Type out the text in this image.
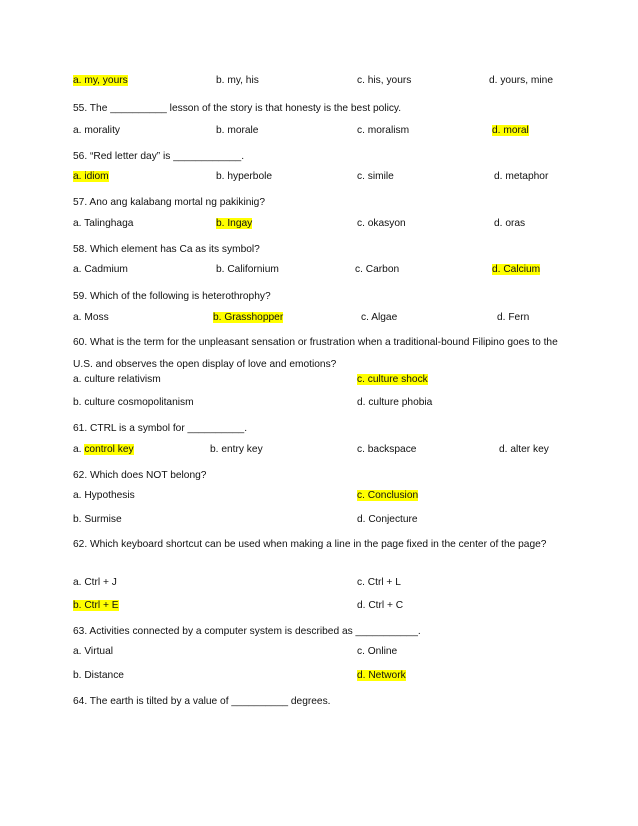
a. my, yours	b. my, his	c. his, yours	d. yours, mine
55. The __________ lesson of the story is that honesty is the best policy.
a. morality	b. morale	c. moralism	d. moral
56. “Red letter day” is ____________.
a. idiom	b. hyperbole	c. simile	d. metaphor
57. Ano ang kalabang mortal ng pakikinig?
a. Talinghaga	b. Ingay	c. okasyon	d. oras
58. Which element has Ca as its symbol?
a. Cadmium	b. Californium	c. Carbon	d. Calcium
59. Which of the following is heterothrophy?
a. Moss	b. Grasshopper	c. Algae	d. Fern
60. What is the term for the unpleasant sensation or frustration when a traditional-bound Filipino goes to the U.S. and observes the open display of love and emotions?
a. culture relativism	c. culture shock
b. culture cosmopolitanism	d. culture phobia
61. CTRL is a symbol for __________.
a. control key	b. entry key	c. backspace	d. alter key
62. Which does NOT belong?
a. Hypothesis	c. Conclusion
b. Surmise	d. Conjecture
62. Which keyboard shortcut can be used when making a line in the page fixed in the center of the page?
a. Ctrl + J	c. Ctrl + L
b. Ctrl + E	d. Ctrl + C
63. Activities connected by a computer system is described as ___________.
a. Virtual	c. Online
b. Distance	d. Network
64. The earth is tilted by a value of __________ degrees.
